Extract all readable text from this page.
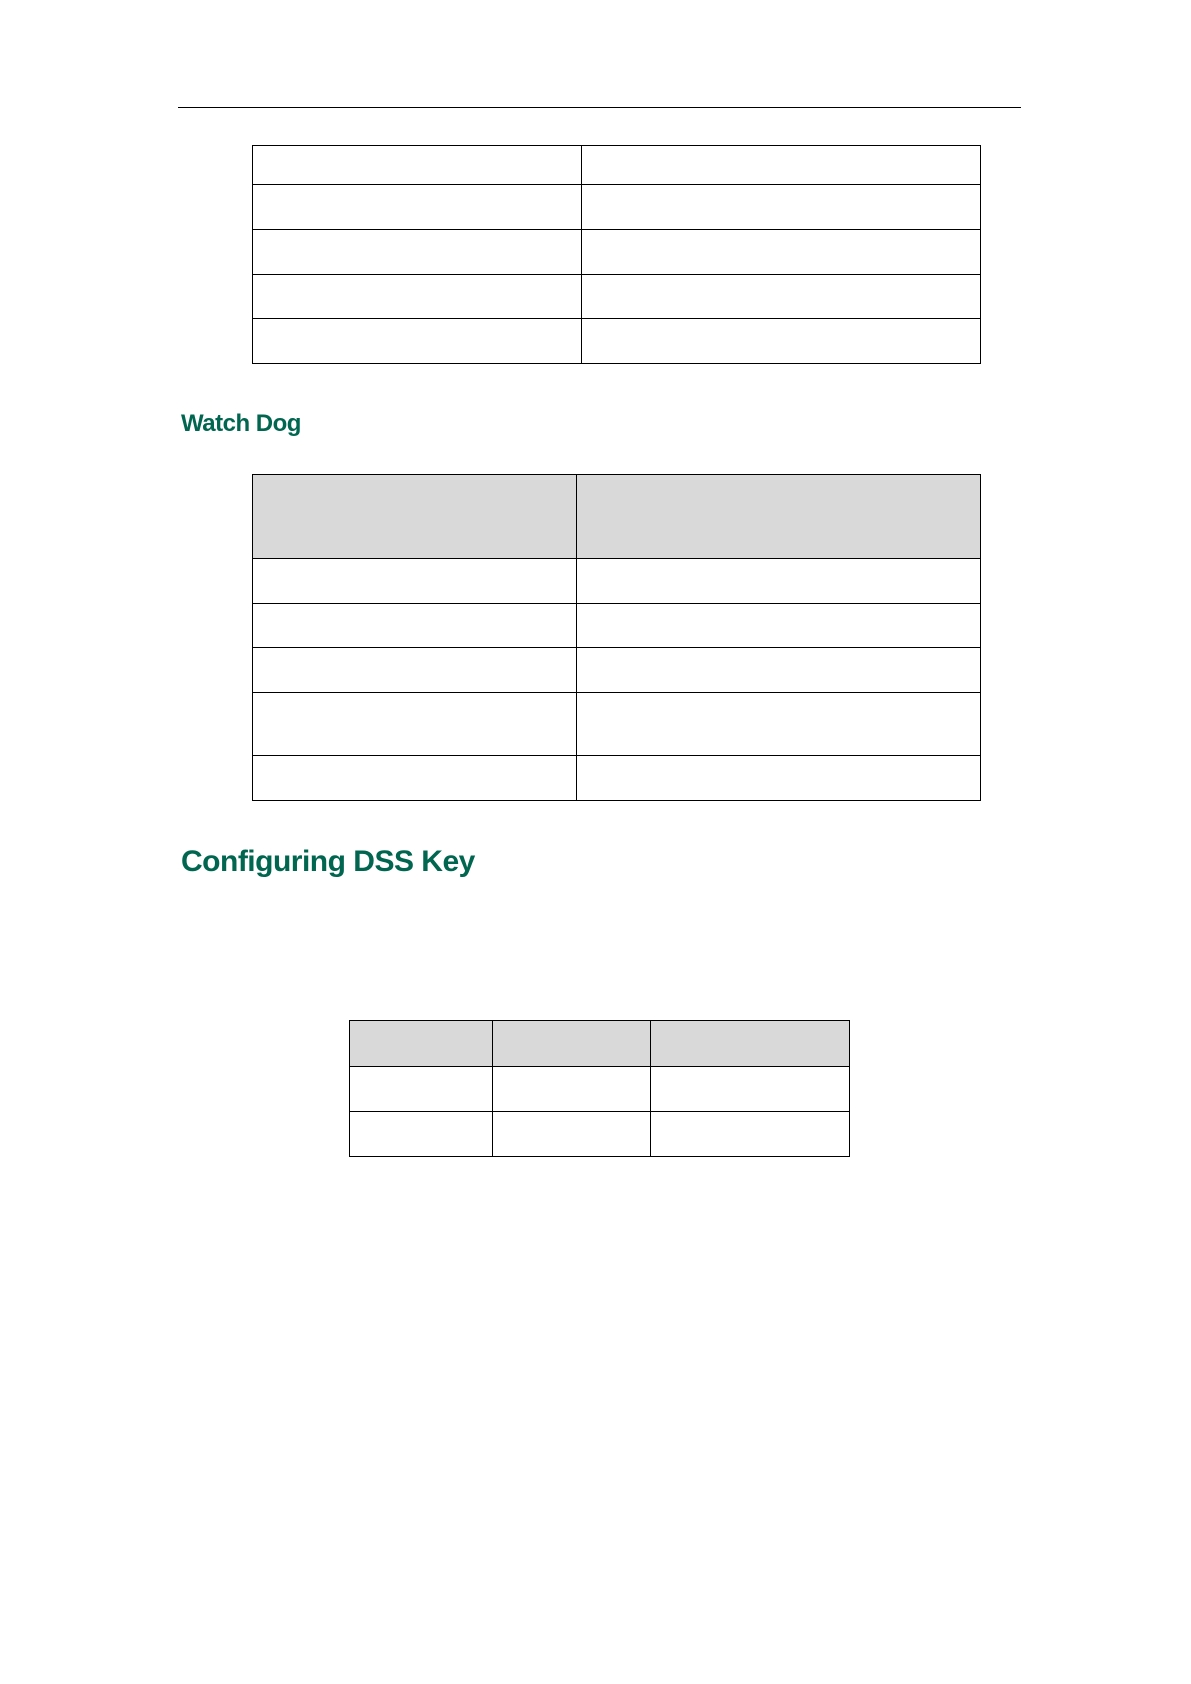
Watch Dog

Configuring DSS Key
